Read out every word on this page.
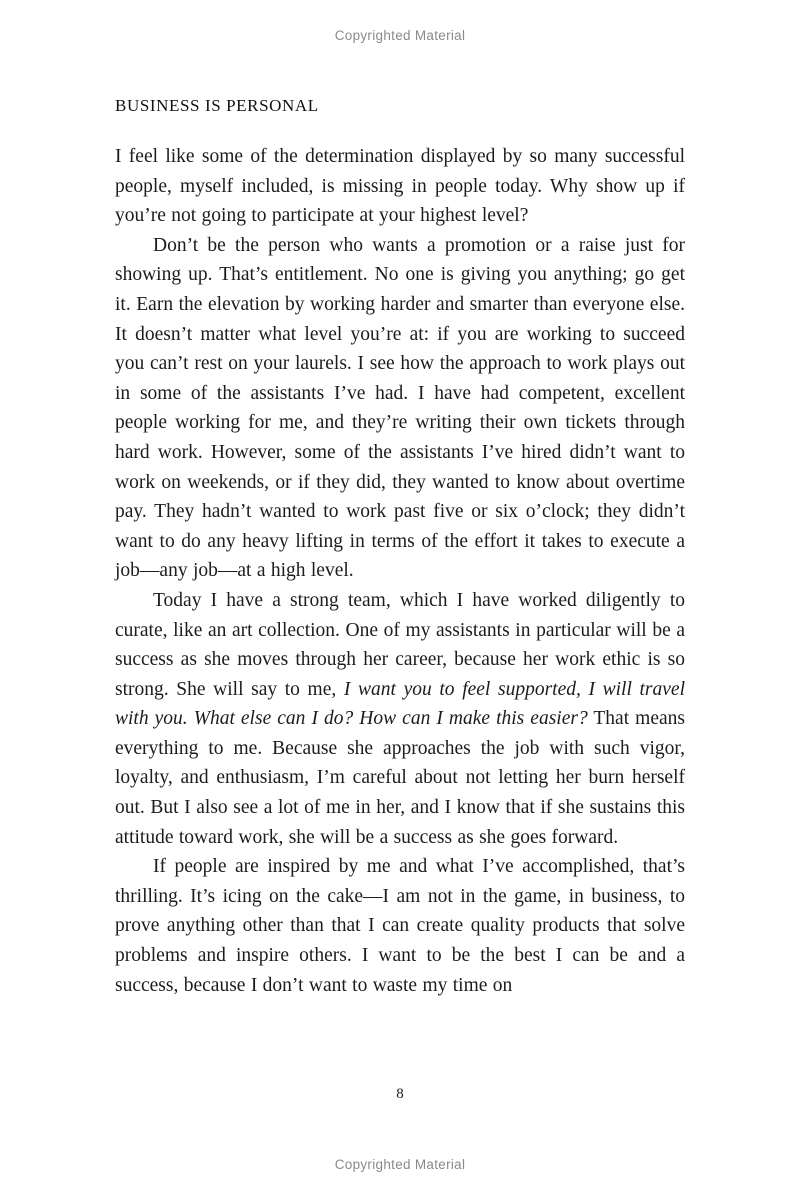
Copyrighted Material
BUSINESS IS PERSONAL

I feel like some of the determination displayed by so many successful people, myself included, is missing in people today. Why show up if you’re not going to participate at your highest level?

Don’t be the person who wants a promotion or a raise just for showing up. That’s entitlement. No one is giving you anything; go get it. Earn the elevation by working harder and smarter than everyone else. It doesn’t matter what level you’re at: if you are working to succeed you can’t rest on your laurels. I see how the approach to work plays out in some of the assistants I’ve had. I have had competent, excellent people working for me, and they’re writing their own tickets through hard work. However, some of the assistants I’ve hired didn’t want to work on weekends, or if they did, they wanted to know about overtime pay. They hadn’t wanted to work past five or six o’clock; they didn’t want to do any heavy lifting in terms of the effort it takes to execute a job—any job—at a high level.

Today I have a strong team, which I have worked diligently to curate, like an art collection. One of my assistants in particular will be a success as she moves through her career, because her work ethic is so strong. She will say to me, I want you to feel supported, I will travel with you. What else can I do? How can I make this easier? That means everything to me. Because she approaches the job with such vigor, loyalty, and enthusiasm, I’m careful about not letting her burn herself out. But I also see a lot of me in her, and I know that if she sustains this attitude toward work, she will be a success as she goes forward.

If people are inspired by me and what I’ve accomplished, that’s thrilling. It’s icing on the cake—I am not in the game, in business, to prove anything other than that I can create quality products that solve problems and inspire others. I want to be the best I can be and a success, because I don’t want to waste my time on

8
Copyrighted Material
